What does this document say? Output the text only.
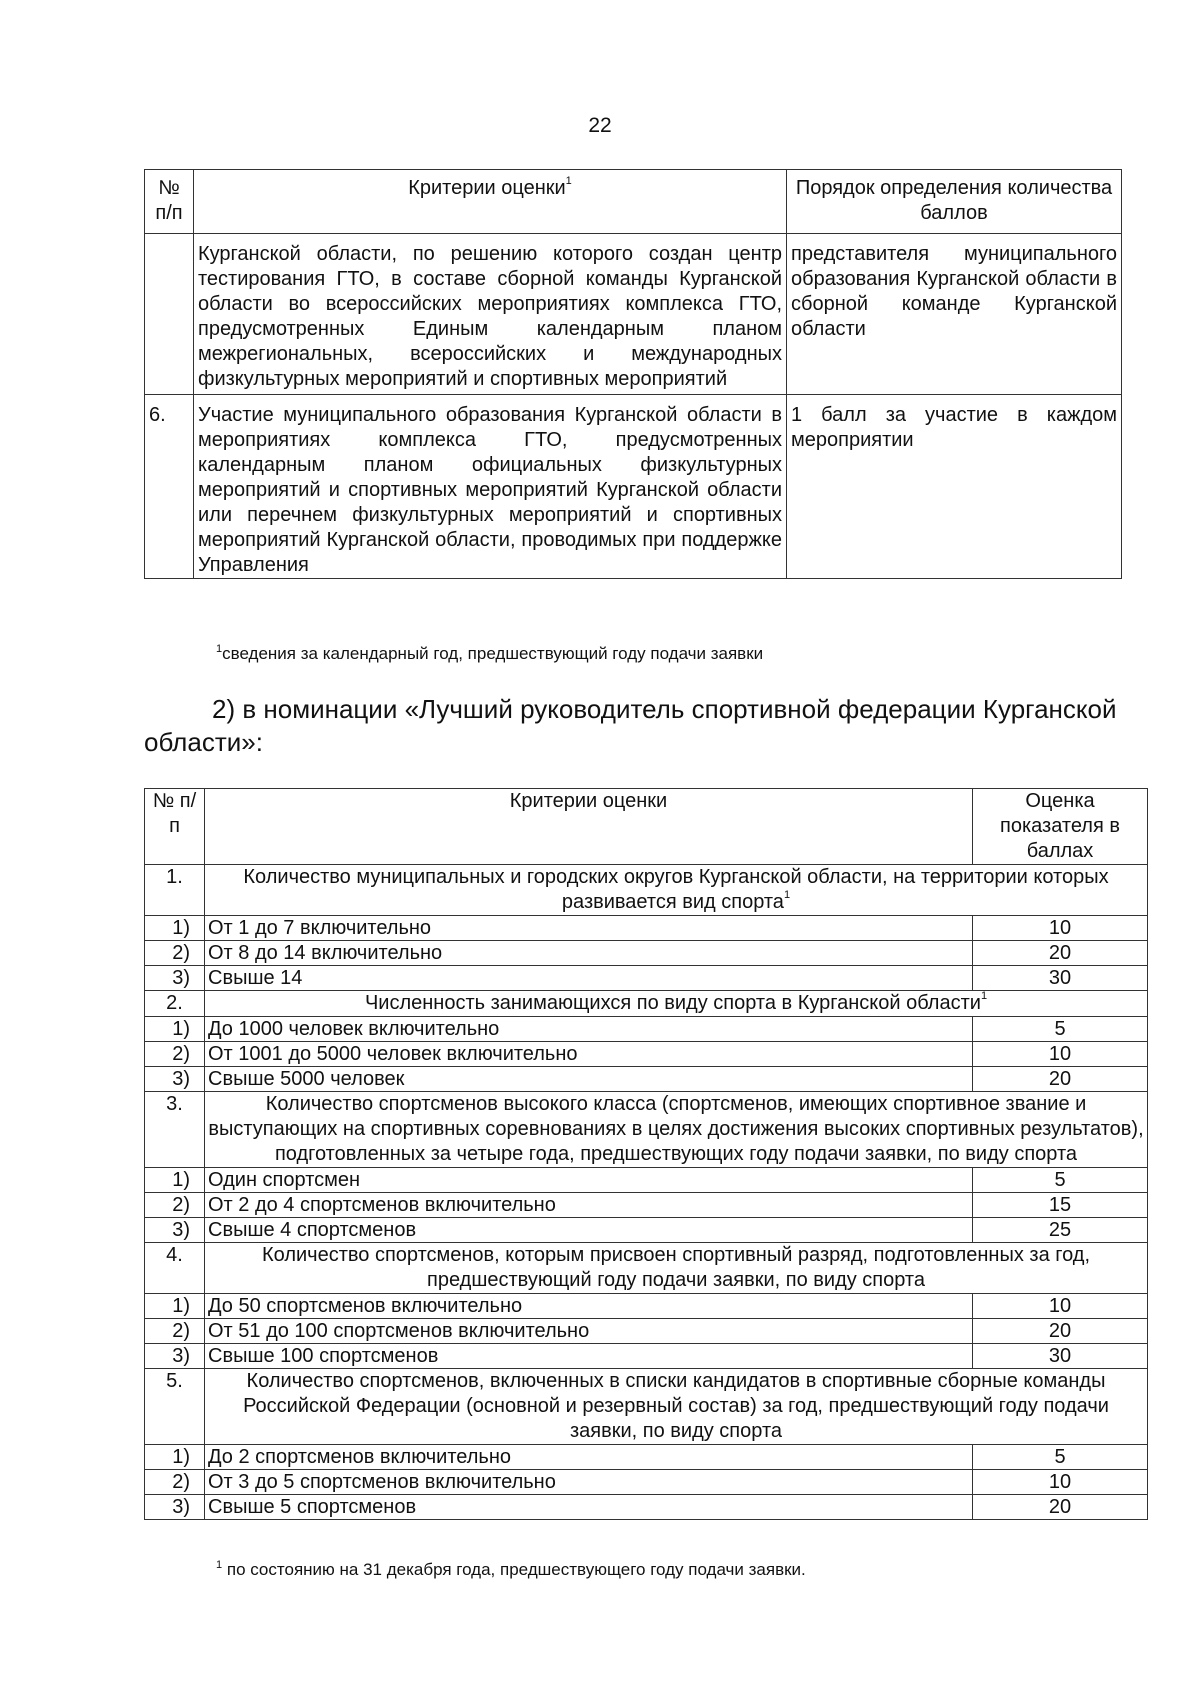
22
№ п/п	Критерии оценки$^1$	Порядок определения количества баллов
	Курганской области, по решению которого создан центр тестирования ГТО, в составе сборной команды Курганской области во всероссийских мероприятиях комплекса ГТО, предусмотренных Единым календарным планом межрегиональных, всероссийских и международных физкультурных мероприятий и спортивных мероприятий	представителя муниципального образования Курганской области в сборной команде Курганской области
6.	Участие муниципального образования Курганской области в мероприятиях комплекса ГТО, предусмотренных календарным планом официальных физкультурных мероприятий и спортивных мероприятий Курганской области или перечнем физкультурных мероприятий и спортивных мероприятий Курганской области, проводимых при поддержке Управления	1 балл за участие в каждом мероприятии
$^1$сведения за календарный год, предшествующий году подачи заявки
2) в номинации «Лучший руководитель спортивной федерации Курганской области»:
№ п/п	Критерии оценки	Оценка показателя в баллах
1.	Количество муниципальных и городских округов Курганской области, на территории которых развивается вид спорта$^1$
1)	От 1 до 7 включительно	10
2)	От 8 до 14 включительно	20
3)	Свыше 14	30
2.	Численность занимающихся по виду спорта в Курганской области$^1$
1)	До 1000 человек включительно	5
2)	От 1001 до 5000 человек включительно	10
3)	Свыше 5000 человек	20
3.	Количество спортсменов высокого класса (спортсменов, имеющих спортивное звание и выступающих на спортивных соревнованиях в целях достижения высоких спортивных результатов), подготовленных за четыре года, предшествующих году подачи заявки, по виду спорта	
1)	Один спортсмен	5
2)	От 2 до 4 спортсменов включительно	15
3)	Свыше 4 спортсменов	25
4.	Количество спортсменов, которым присвоен спортивный разряд, подготовленных за год, предшествующий году подачи заявки, по виду спорта	
1)	До 50 спортсменов включительно	10
2)	От 51 до 100 спортсменов включительно	20
3)	Свыше 100 спортсменов	30
5.	Количество спортсменов, включенных в списки кандидатов в спортивные сборные команды Российской Федерации (основной и резервный состав) за год, предшествующий году подачи заявки, по виду спорта	
1)	До 2 спортсменов включительно	5
2)	От 3 до 5 спортсменов включительно	10
3)	Свыше 5 спортсменов	20
$^1$ по состоянию на 31 декабря года, предшествующего году подачи заявки.
